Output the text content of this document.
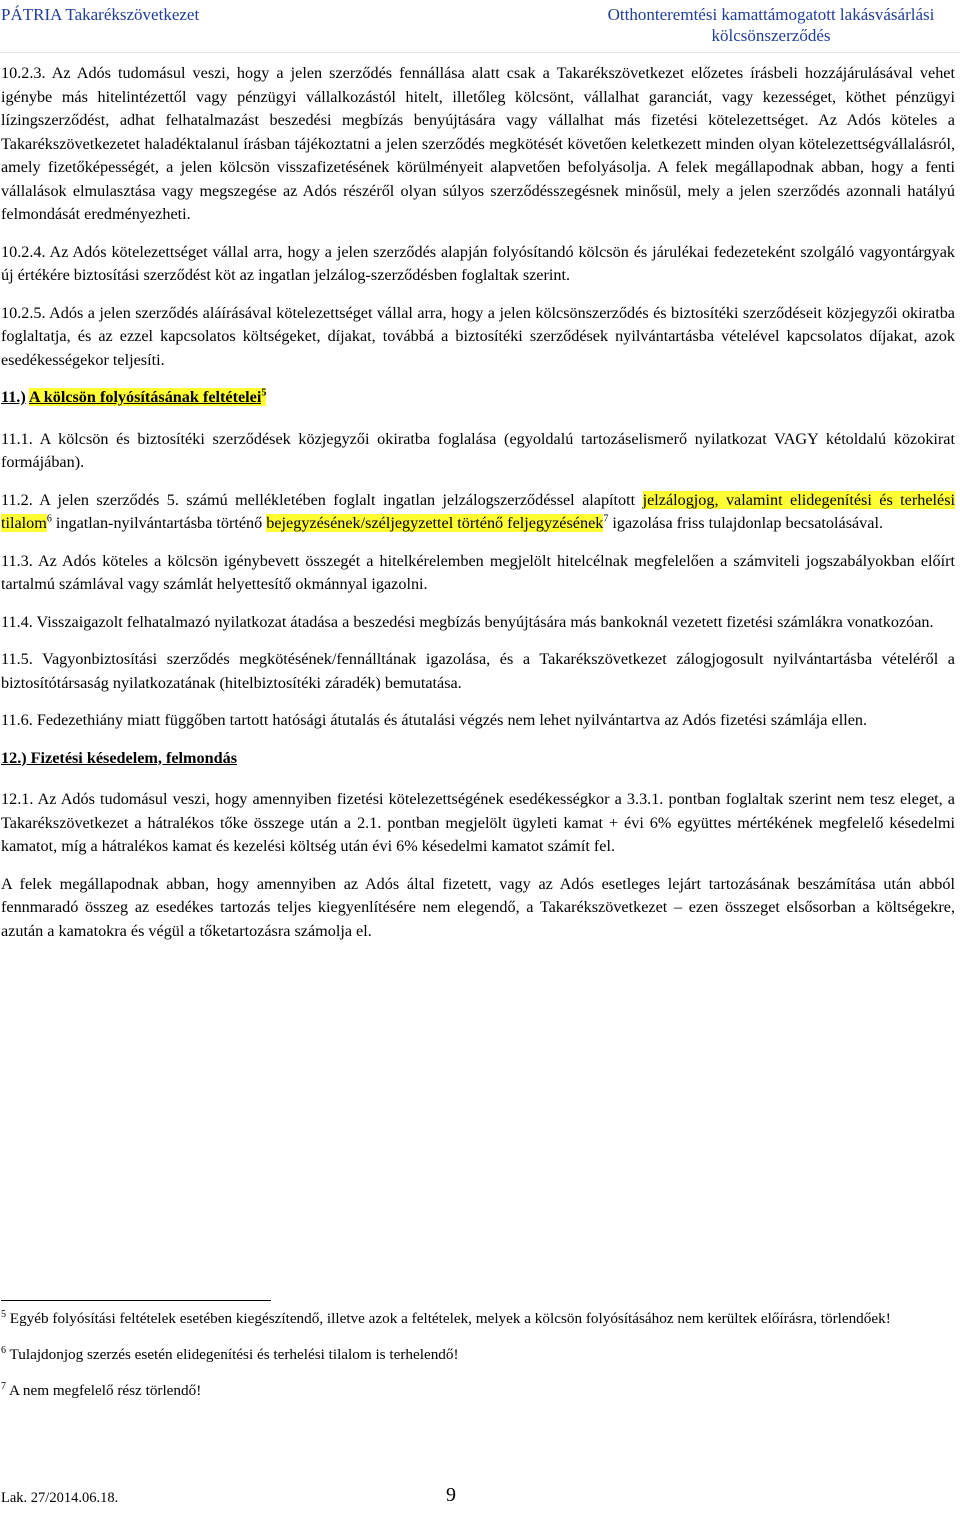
PÁTRIA Takarékszövetkezet	Otthonteremtési kamattámogatott lakásvásárlási kölcsönszerződés

10.2.3. Az Adós tudomásul veszi, hogy a jelen szerződés fennállása alatt csak a Takarékszövetkezet előzetes írásbeli hozzájárulásával vehet igénybe más hitelintézettől vagy pénzügyi vállalkozástól hitelt, illetőleg kölcsönt, vállalhat garanciát, vagy kezességet, köthet pénzügyi lízingszerződést, adhat felhatalmazást beszedési megbízás benyújtására vagy vállalhat más fizetési kötelezettséget. Az Adós köteles a Takarékszövetkezetet haladéktalanul írásban tájékoztatni a jelen szerződés megkötését követően keletkezett minden olyan kötelezettségvállalásról, amely fizetőképességét, a jelen kölcsön visszafizetésének körülményeit alapvetően befolyásolja. A felek megállapodnak abban, hogy a fenti vállalások elmulasztása vagy megszegése az Adós részéről olyan súlyos szerződésszegésnek minősül, mely a jelen szerződés azonnali hatályú felmondását eredményezheti.

10.2.4. Az Adós kötelezettséget vállal arra, hogy a jelen szerződés alapján folyósítandó kölcsön és járulékai fedezeteként szolgáló vagyontárgyak új értékére biztosítási szerződést köt az ingatlan jelzálog-szerződésben foglaltak szerint.

10.2.5. Adós a jelen szerződés aláírásával kötelezettséget vállal arra, hogy a jelen kölcsönszerződés és biztosítéki szerződéseit közjegyzői okiratba foglaltatja, és az ezzel kapcsolatos költségeket, díjakat, továbbá a biztosítéki szerződések nyilvántartásba vételével kapcsolatos díjakat, azok esedékességekor teljesíti.

11.) A kölcsön folyósításának feltételei$^5$

11.1. A kölcsön és biztosítéki szerződések közjegyzői okiratba foglalása (egyoldalú tartozáselismerő nyilatkozat VAGY kétoldalú közokirat formájában).

11.2. A jelen szerződés 5. számú mellékletében foglalt ingatlan jelzálogszerződéssel alapított jelzálogjog, valamint elidegenítési és terhelési tilalom$^6$ ingatlan-nyilvántartásba történő bejegyzésének/széljegyzettel történő feljegyzésének$^7$ igazolása friss tulajdonlap becsatolásával.

11.3. Az Adós köteles a kölcsön igénybevett összegét a hitelkérelemben megjelölt hitelcélnak megfelelően a számviteli jogszabályokban előírt tartalmú számlával vagy számlát helyettesítő okmánnyal igazolni.

11.4. Visszaigazolt felhatalmazó nyilatkozat átadása a beszedési megbízás benyújtására más bankoknál vezetett fizetési számlákra vonatkozóan.

11.5. Vagyonbiztosítási szerződés megkötésének/fennálltának igazolása, és a Takarékszövetkezet zálogjogosult nyilvántartásba vételéről a biztosítótársaság nyilatkozatának (hitelbiztosítéki záradék) bemutatása.

11.6. Fedezethiány miatt függőben tartott hatósági átutalás és átutalási végzés nem lehet nyilvántartva az Adós fizetési számlája ellen.

12.) Fizetési késedelem, felmondás

12.1. Az Adós tudomásul veszi, hogy amennyiben fizetési kötelezettségének esedékességkor a 3.3.1. pontban foglaltak szerint nem tesz eleget, a Takarékszövetkezet a hátralékos tőke összege után a 2.1. pontban megjelölt ügyleti kamat + évi 6% együttes mértékének megfelelő késedelmi kamatot, míg a hátralékos kamat és kezelési költség után évi 6% késedelmi kamatot számít fel.

A felek megállapodnak abban, hogy amennyiben az Adós által fizetett, vagy az Adós esetleges lejárt tartozásának beszámítása után abból fennmaradó összeg az esedékes tartozás teljes kiegyenlítésére nem elegendő, a Takarékszövetkezet – ezen összeget elsősorban a költségekre, azután a kamatokra és végül a tőketartozásra számolja el.

$^5$ Egyéb folyósítási feltételek esetében kiegészítendő, illetve azok a feltételek, melyek a kölcsön folyósításához nem kerültek előírásra, törlendőek!

$^6$ Tulajdonjog szerzés esetén elidegenítési és terhelési tilalom is terhelendő!

$^7$ A nem megfelelő rész törlendő!

Lak. 27/2014.06.18.	9
